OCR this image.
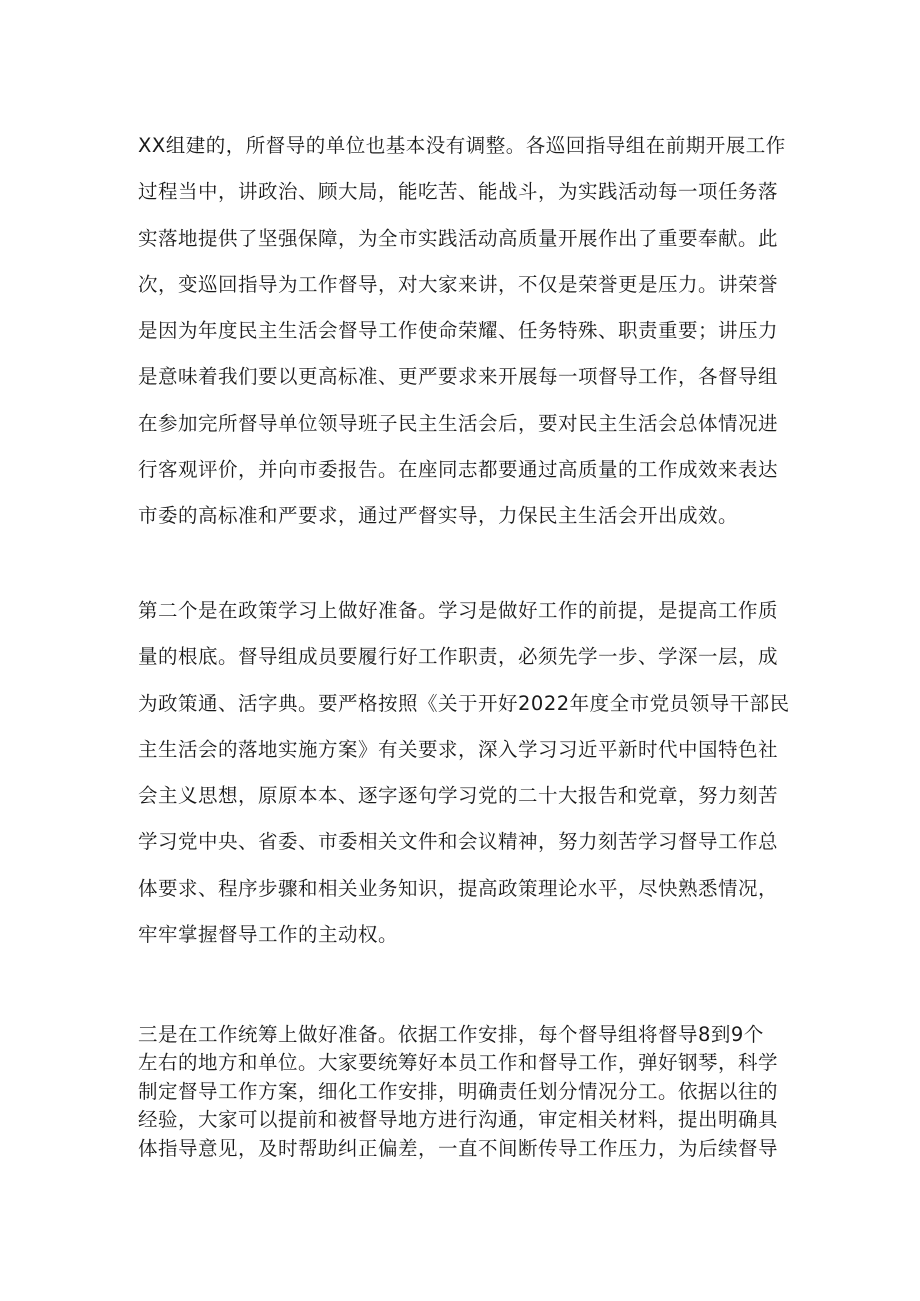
XX组建的，所督导的单位也基本没有调整。各巡回指导组在前期开展工作
过程当中，讲政治、顾大局，能吃苦、能战斗，为实践活动每一项任务落
实落地提供了坚强保障，为全市实践活动高质量开展作出了重要奉献。此
次，变巡回指导为工作督导，对大家来讲，不仅是荣誉更是压力。讲荣誉
是因为年度民主生活会督导工作使命荣耀、任务特殊、职责重要；讲压力
是意味着我们要以更高标准、更严要求来开展每一项督导工作，各督导组
在参加完所督导单位领导班子民主生活会后，要对民主生活会总体情况进
行客观评价，并向市委报告。在座同志都要通过高质量的工作成效来表达
市委的高标准和严要求，通过严督实导，力保民主生活会开出成效。
第二个是在政策学习上做好准备。学习是做好工作的前提，是提高工作质
量的根底。督导组成员要履行好工作职责，必须先学一步、学深一层，成
为政策通、活字典。要严格按照《关于开好2022年度全市党员领导干部民
主生活会的落地实施方案》有关要求，深入学习习近平新时代中国特色社
会主义思想，原原本本、逐字逐句学习党的二十大报告和党章，努力刻苦
学习党中央、省委、市委相关文件和会议精神，努力刻苦学习督导工作总
体要求、程序步骤和相关业务知识，提高政策理论水平，尽快熟悉情况，
牢牢掌握督导工作的主动权。
三是在工作统筹上做好准备。依据工作安排，每个督导组将督导8到9个
左右的地方和单位。大家要统筹好本员工作和督导工作，弹好钢琴，科学
制定督导工作方案，细化工作安排，明确责任划分情况分工。依据以往的
经验，大家可以提前和被督导地方进行沟通，审定相关材料，提出明确具
体指导意见，及时帮助纠正偏差，一直不间断传导工作压力，为后续督导
